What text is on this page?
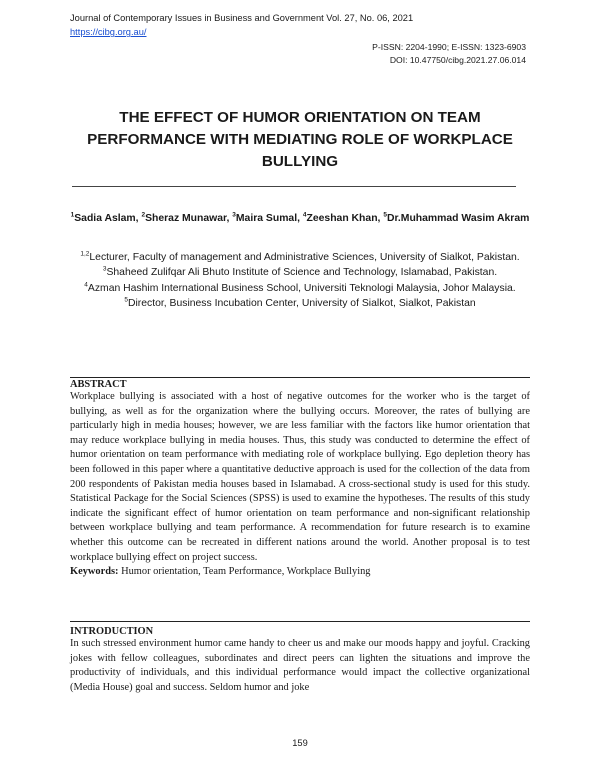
Journal of Contemporary Issues in Business and Government Vol. 27, No. 06, 2021
https://cibg.org.au/
P-ISSN: 2204-1990; E-ISSN: 1323-6903
DOI: 10.47750/cibg.2021.27.06.014
THE EFFECT OF HUMOR ORIENTATION ON TEAM PERFORMANCE WITH MEDIATING ROLE OF WORKPLACE BULLYING
$^1$Sadia Aslam, $^2$Sheraz Munawar, $^3$Maira Sumal, $^4$Zeeshan Khan, $^5$Dr.Muhammad Wasim Akram

$^{1,2}$Lecturer, Faculty of management and Administrative Sciences, University of Sialkot, Pakistan.

$^3$Shaheed Zulifqar Ali Bhuto Institute of Science and Technology, Islamabad, Pakistan.

$^4$Azman Hashim International Business School, Universiti Teknologi Malaysia, Johor Malaysia.

$^5$Director, Business Incubation Center, University of Sialkot, Sialkot, Pakistan

ABSTRACT

Workplace bullying is associated with a host of negative outcomes for the worker who is the target of bullying, as well as for the organization where the bullying occurs. Moreover, the rates of bullying are particularly high in media houses; however, we are less familiar with the factors like humor orientation that may reduce workplace bullying in media houses. Thus, this study was conducted to determine the effect of humor orientation on team performance with mediating role of workplace bullying. Ego depletion theory has been followed in this paper where a quantitative deductive approach is used for the collection of the data from 200 respondents of Pakistan media houses based in Islamabad. A cross-sectional study is used for this study. Statistical Package for the Social Sciences (SPSS) is used to examine the hypotheses. The results of this study indicate the significant effect of humor orientation on team performance and non-significant relationship between workplace bullying and team performance. A recommendation for future research is to examine whether this outcome can be recreated in different nations around the world. Another proposal is to test workplace bullying effect on project success.

Keywords: Humor orientation, Team Performance, Workplace Bullying

INTRODUCTION

In such stressed environment humor came handy to cheer us and make our moods happy and joyful. Cracking jokes with fellow colleagues, subordinates and direct peers can lighten the situations and improve the productivity of individuals, and this individual performance would impact the collective organizational (Media House) goal and success. Seldom humor and joke

159
